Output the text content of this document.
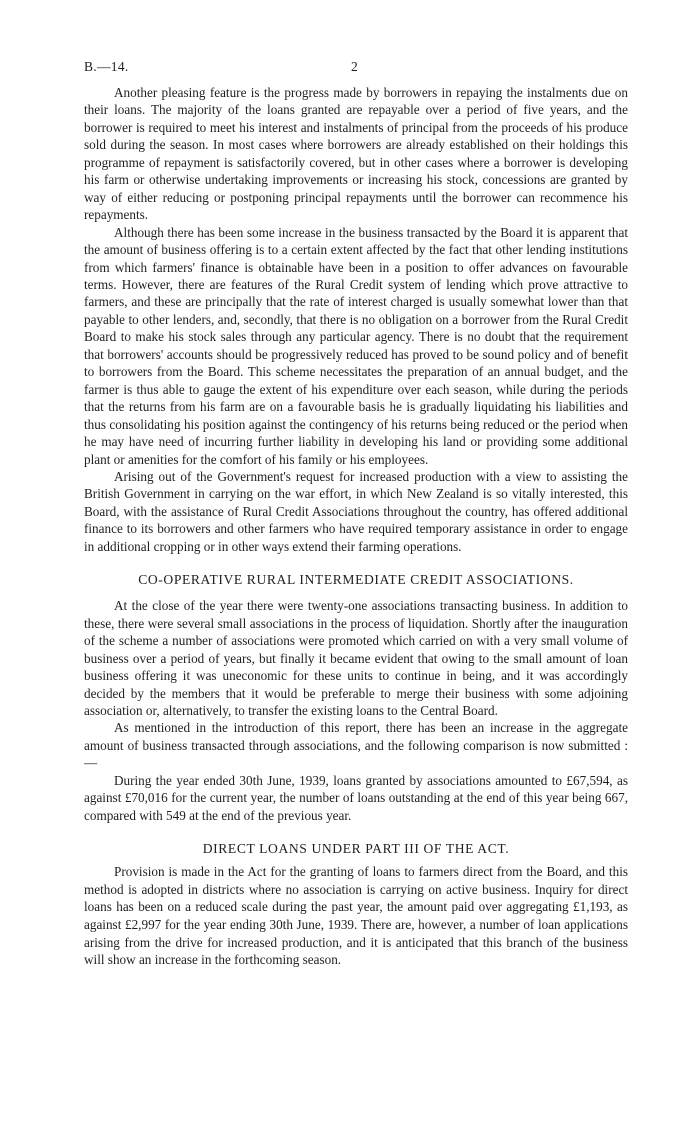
B.—14.	2

Another pleasing feature is the progress made by borrowers in repaying the instalments due on their loans. The majority of the loans granted are repayable over a period of five years, and the borrower is required to meet his interest and instalments of principal from the proceeds of his produce sold during the season. In most cases where borrowers are already established on their holdings this programme of repayment is satisfactorily covered, but in other cases where a borrower is developing his farm or otherwise undertaking improvements or increasing his stock, concessions are granted by way of either reducing or postponing principal repayments until the borrower can recommence his repayments.

Although there has been some increase in the business transacted by the Board it is apparent that the amount of business offering is to a certain extent affected by the fact that other lending institutions from which farmers' finance is obtainable have been in a position to offer advances on favourable terms. However, there are features of the Rural Credit system of lending which prove attractive to farmers, and these are principally that the rate of interest charged is usually somewhat lower than that payable to other lenders, and, secondly, that there is no obligation on a borrower from the Rural Credit Board to make his stock sales through any particular agency. There is no doubt that the requirement that borrowers' accounts should be progressively reduced has proved to be sound policy and of benefit to borrowers from the Board. This scheme necessitates the preparation of an annual budget, and the farmer is thus able to gauge the extent of his expenditure over each season, while during the periods that the returns from his farm are on a favourable basis he is gradually liquidating his liabilities and thus consolidating his position against the contingency of his returns being reduced or the period when he may have need of incurring further liability in developing his land or providing some additional plant or amenities for the comfort of his family or his employees.

Arising out of the Government's request for increased production with a view to assisting the British Government in carrying on the war effort, in which New Zealand is so vitally interested, this Board, with the assistance of Rural Credit Associations throughout the country, has offered additional finance to its borrowers and other farmers who have required temporary assistance in order to engage in additional cropping or in other ways extend their farming operations.

CO-OPERATIVE RURAL INTERMEDIATE CREDIT ASSOCIATIONS.

At the close of the year there were twenty-one associations transacting business. In addition to these, there were several small associations in the process of liquidation. Shortly after the inauguration of the scheme a number of associations were promoted which carried on with a very small volume of business over a period of years, but finally it became evident that owing to the small amount of loan business offering it was uneconomic for these units to continue in being, and it was accordingly decided by the members that it would be preferable to merge their business with some adjoining association or, alternatively, to transfer the existing loans to the Central Board.

As mentioned in the introduction of this report, there has been an increase in the aggregate amount of business transacted through associations, and the following comparison is now submitted :—

During the year ended 30th June, 1939, loans granted by associations amounted to £67,594, as against £70,016 for the current year, the number of loans outstanding at the end of this year being 667, compared with 549 at the end of the previous year.

DIRECT LOANS UNDER PART III OF THE ACT.

Provision is made in the Act for the granting of loans to farmers direct from the Board, and this method is adopted in districts where no association is carrying on active business. Inquiry for direct loans has been on a reduced scale during the past year, the amount paid over aggregating £1,193, as against £2,997 for the year ending 30th June, 1939. There are, however, a number of loan applications arising from the drive for increased production, and it is anticipated that this branch of the business will show an increase in the forthcoming season.
